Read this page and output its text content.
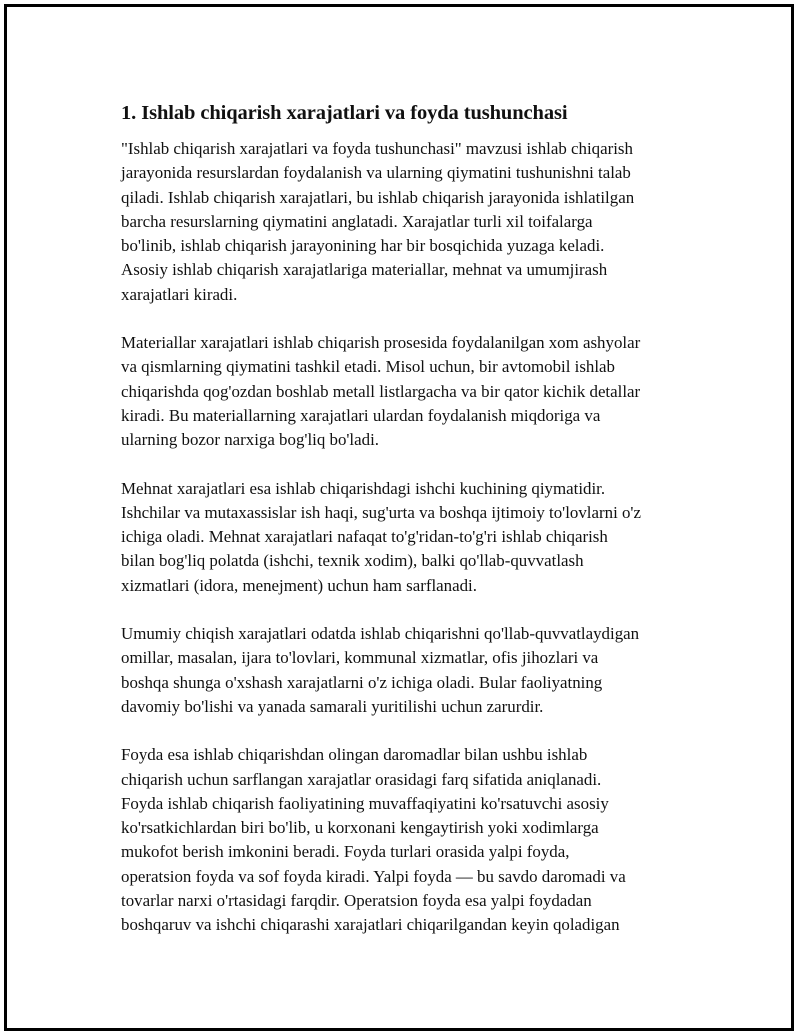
1. Ishlab chiqarish xarajatlari va foyda tushunchasi

"Ishlab chiqarish xarajatlari va foyda tushunchasi" mavzusi ishlab chiqarish
jarayonida resurslardan foydalanish va ularning qiymatini tushunishni talab
qiladi. Ishlab chiqarish xarajatlari, bu ishlab chiqarish jarayonida ishlatilgan
barcha resurslarning qiymatini anglatadi. Xarajatlar turli xil toifalarga
bo'linib, ishlab chiqarish jarayonining har bir bosqichida yuzaga keladi.
Asosiy ishlab chiqarish xarajatlariga materiallar, mehnat va umumjirash
xarajatlari kiradi.

Materiallar xarajatlari ishlab chiqarish prosesida foydalanilgan xom ashyolar
va qismlarning qiymatini tashkil etadi. Misol uchun, bir avtomobil ishlab
chiqarishda qog'ozdan boshlab metall listlargacha va bir qator kichik detallar
kiradi. Bu materiallarning xarajatlari ulardan foydalanish miqdoriga va
ularning bozor narxiga bog'liq bo'ladi.

Mehnat xarajatlari esa ishlab chiqarishdagi ishchi kuchining qiymatidir.
Ishchilar va mutaxassislar ish haqi, sug'urta va boshqa ijtimoiy to'lovlarni o'z
ichiga oladi. Mehnat xarajatlari nafaqat to'g'ridan-to'g'ri ishlab chiqarish
bilan bog'liq polatda (ishchi, texnik xodim), balki qo'llab-quvvatlash
xizmatlari (idora, menejment) uchun ham sarflanadi.

Umumiy chiqish xarajatlari odatda ishlab chiqarishni qo'llab-quvvatlaydigan
omillar, masalan, ijara to'lovlari, kommunal xizmatlar, ofis jihozlari va
boshqa shunga o'xshash xarajatlarni o'z ichiga oladi. Bular faoliyatning
davomiy bo'lishi va yanada samarali yuritilishi uchun zarurdir.

Foyda esa ishlab chiqarishdan olingan daromadlar bilan ushbu ishlab
chiqarish uchun sarflangan xarajatlar orasidagi farq sifatida aniqlanadi.
Foyda ishlab chiqarish faoliyatining muvaffaqiyatini ko'rsatuvchi asosiy
ko'rsatkichlardan biri bo'lib, u korxonani kengaytirish yoki xodimlarga
mukofot berish imkonini beradi. Foyda turlari orasida yalpi foyda,
operatsion foyda va sof foyda kiradi. Yalpi foyda — bu savdo daromadi va
tovarlar narxi o'rtasidagi farqdir. Operatsion foyda esa yalpi foydadan
boshqaruv va ishchi chiqarashi xarajatlari chiqarilgandan keyin qoladigan
